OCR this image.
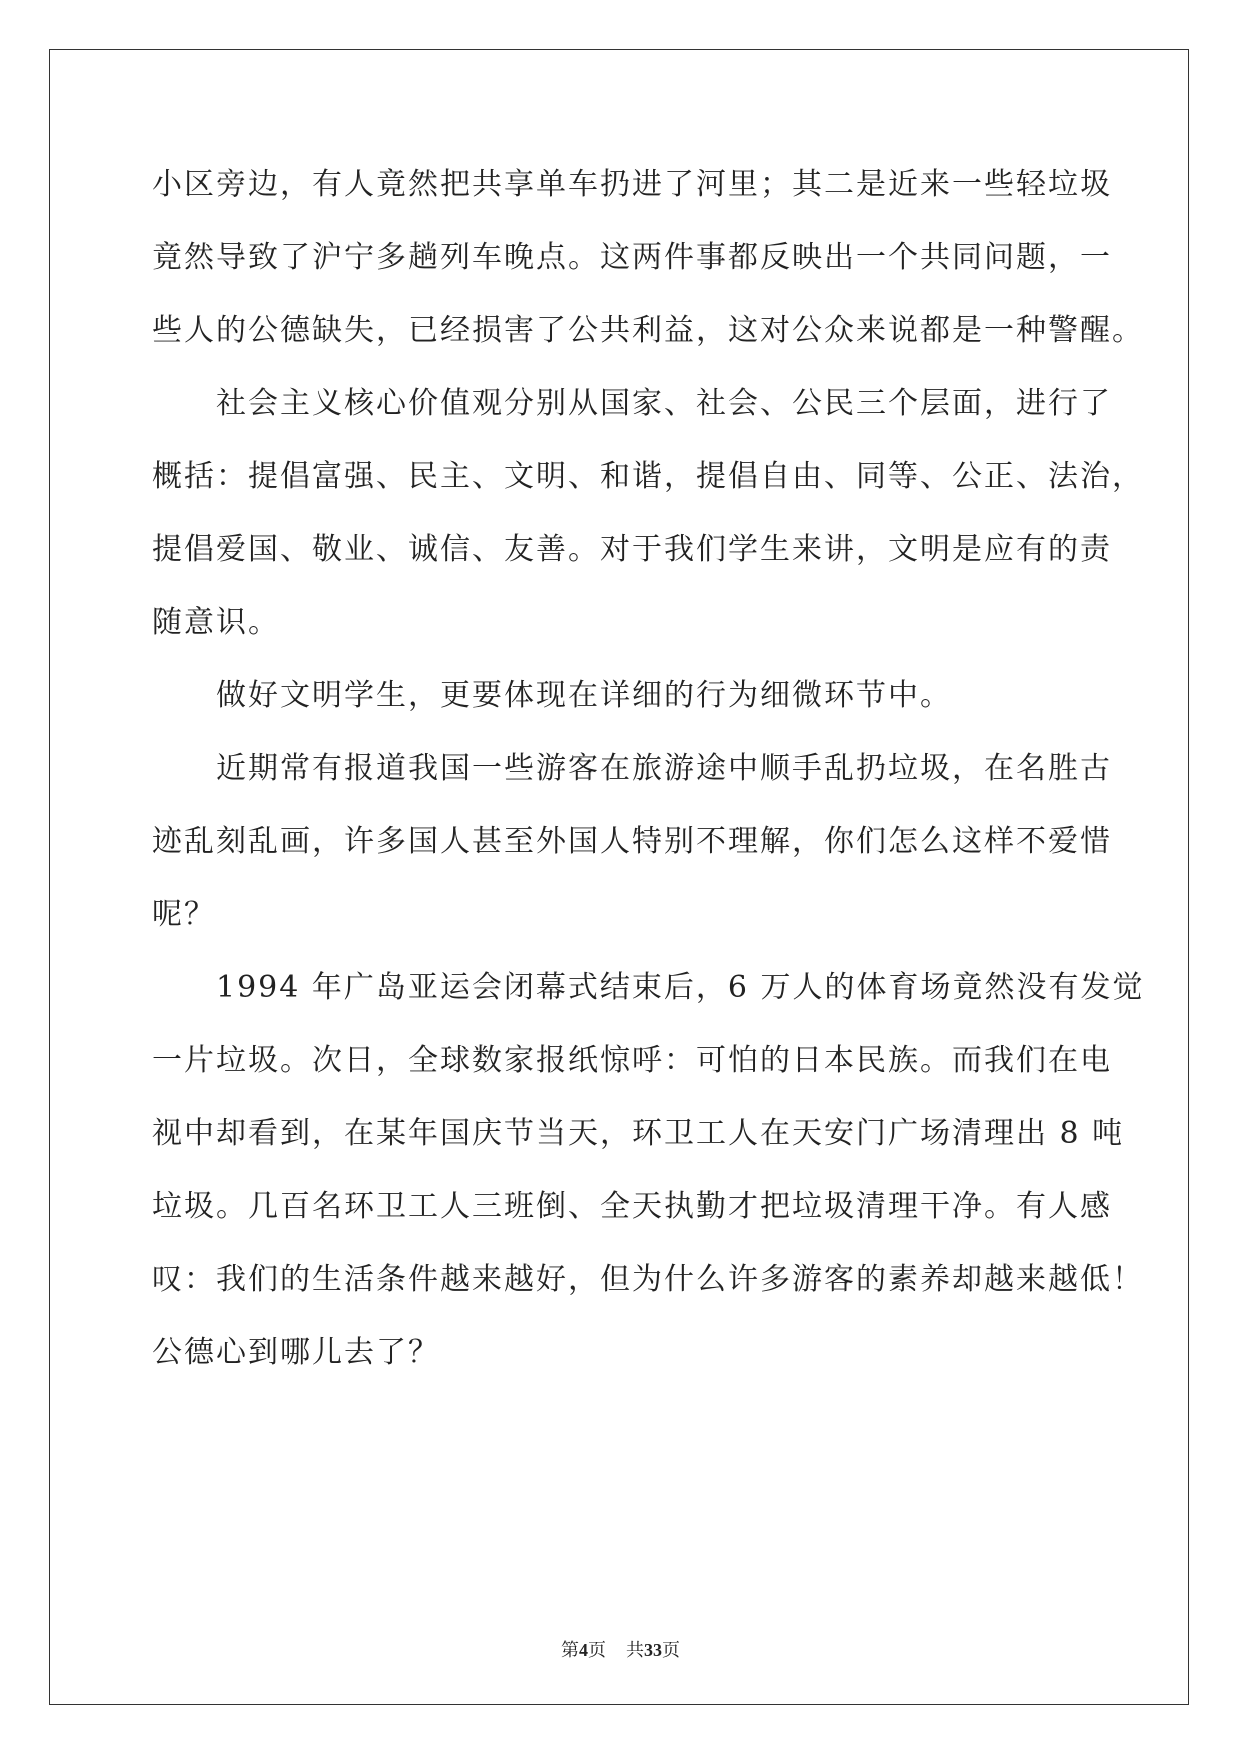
小区旁边，有人竟然把共享单车扔进了河里；其二是近来一些轻垃圾
竟然导致了沪宁多趟列车晚点。这两件事都反映出一个共同问题，一
些人的公德缺失，已经损害了公共利益，这对公众来说都是一种警醒。
社会主义核心价值观分别从国家、社会、公民三个层面，进行了
概括：提倡富强、民主、文明、和谐，提倡自由、同等、公正、法治，
提倡爱国、敬业、诚信、友善。对于我们学生来讲，文明是应有的责
随意识。
做好文明学生，更要体现在详细的行为细微环节中。
近期常有报道我国一些游客在旅游途中顺手乱扔垃圾，在名胜古
迹乱刻乱画，许多国人甚至外国人特别不理解，你们怎么这样不爱惜
呢？
1994 年广岛亚运会闭幕式结束后，6 万人的体育场竟然没有发觉
一片垃圾。次日，全球数家报纸惊呼：可怕的日本民族。而我们在电
视中却看到，在某年国庆节当天，环卫工人在天安门广场清理出 8 吨
垃圾。几百名环卫工人三班倒、全天执勤才把垃圾清理干净。有人感
叹：我们的生活条件越来越好，但为什么许多游客的素养却越来越低！
公德心到哪儿去了？
第4页 共33页
